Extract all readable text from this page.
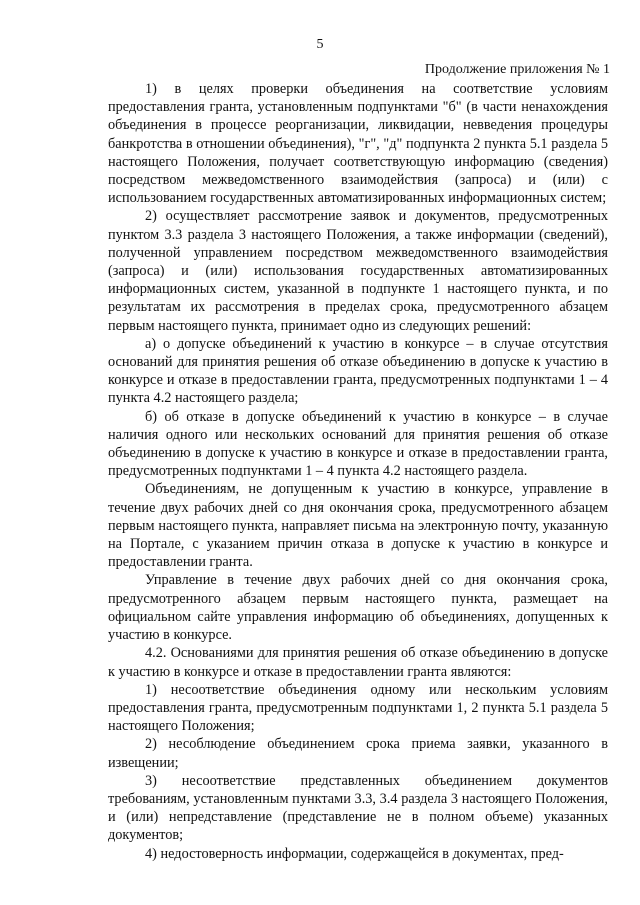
5
Продолжение приложения № 1

1) в целях проверки объединения на соответствие условиям предоставления гранта, установленным подпунктами "б" (в части ненахождения объединения в процессе реорганизации, ликвидации, невведения процедуры банкротства в отношении объединения), "г", "д" подпункта 2 пункта 5.1 раздела 5 настоящего Положения, получает соответствующую информацию (сведения) посредством межведомственного взаимодействия (запроса) и (или) с использованием государственных автоматизированных информационных систем;

2) осуществляет рассмотрение заявок и документов, предусмотренных пунктом 3.3 раздела 3 настоящего Положения, а также информации (сведений), полученной управлением посредством межведомственного взаимодействия (запроса) и (или) использования государственных автоматизированных информационных систем, указанной в подпункте 1 настоящего пункта, и по результатам их рассмотрения в пределах срока, предусмотренного абзацем первым настоящего пункта, принимает одно из следующих решений:

а) о допуске объединений к участию в конкурсе – в случае отсутствия оснований для принятия решения об отказе объединению в допуске к участию в конкурсе и отказе в предоставлении гранта, предусмотренных подпунктами 1 – 4 пункта 4.2 настоящего раздела;

б) об отказе в допуске объединений к участию в конкурсе – в случае наличия одного или нескольких оснований для принятия решения об отказе объединению в допуске к участию в конкурсе и отказе в предоставлении гранта, предусмотренных подпунктами 1 – 4 пункта 4.2 настоящего раздела.

Объединениям, не допущенным к участию в конкурсе, управление в течение двух рабочих дней со дня окончания срока, предусмотренного абзацем первым настоящего пункта, направляет письма на электронную почту, указанную на Портале, с указанием причин отказа в допуске к участию в конкурсе и предоставлении гранта.

Управление в течение двух рабочих дней со дня окончания срока, предусмотренного абзацем первым настоящего пункта, размещает на официальном сайте управления информацию об объединениях, допущенных к участию в конкурсе.

4.2. Основаниями для принятия решения об отказе объединению в допуске к участию в конкурсе и отказе в предоставлении гранта являются:

1) несоответствие объединения одному или нескольким условиям предоставления гранта, предусмотренным подпунктами 1, 2 пункта 5.1 раздела 5 настоящего Положения;

2) несоблюдение объединением срока приема заявки, указанного в извещении;

3) несоответствие представленных объединением документов требованиям, установленным пунктами 3.3, 3.4 раздела 3 настоящего Положения, и (или) непредставление (представление не в полном объеме) указанных документов;

4) недостоверность информации, содержащейся в документах, пред-
